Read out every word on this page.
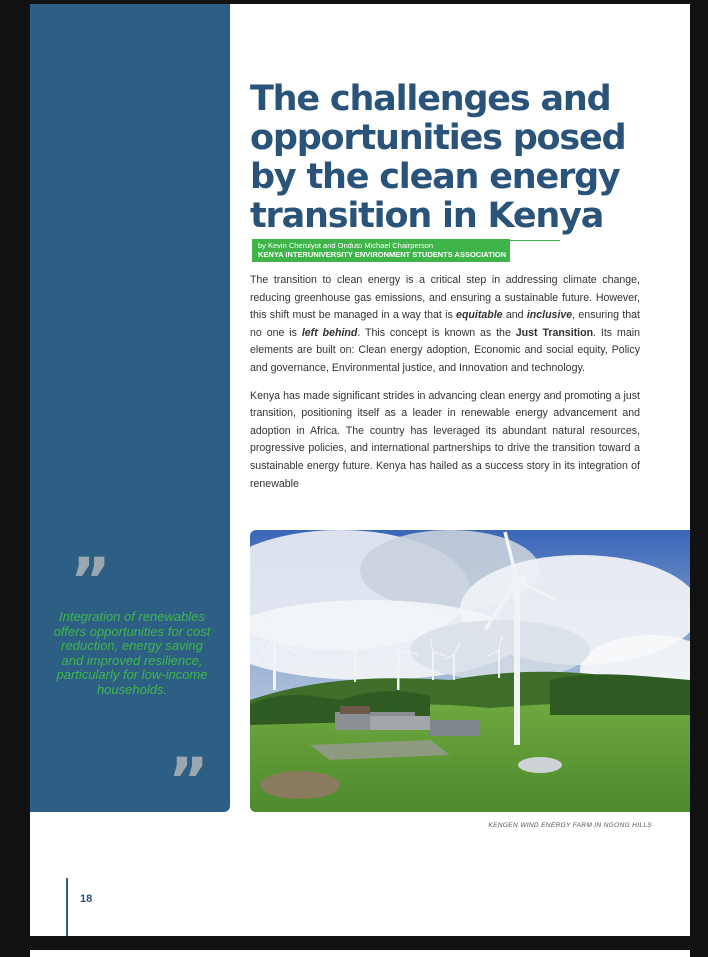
”

Integration of renewables offers opportunities for cost reduction, energy saving and improved resilience, particularly for low-income households.

”
The challenges and opportunities posed by the clean energy transition in Kenya
by Kevin Cheruiyot and Onduto Michael Chairperson
KENYA INTERUNIVERSITY ENVIRONMENT STUDENTS ASSOCIATION

The transition to clean energy is a critical step in addressing climate change, reducing greenhouse gas emissions, and ensuring a sustainable future. However, this shift must be managed in a way that is equitable and inclusive, ensuring that no one is left behind. This concept is known as the Just Transition. Its main elements are built on: Clean energy adoption, Economic and social equity, Policy and governance, Environmental justice, and Innovation and technology.

Kenya has made significant strides in advancing clean energy and promoting a just transition, positioning itself as a leader in renewable energy advancement and adoption in Africa. The country has leveraged its abundant natural resources, progressive policies, and international partnerships to drive the transition toward a sustainable energy future. Kenya has hailed as a success story in its integration of renewable

KENGEN WIND ENERGY FARM IN NGONG HILLS

18
